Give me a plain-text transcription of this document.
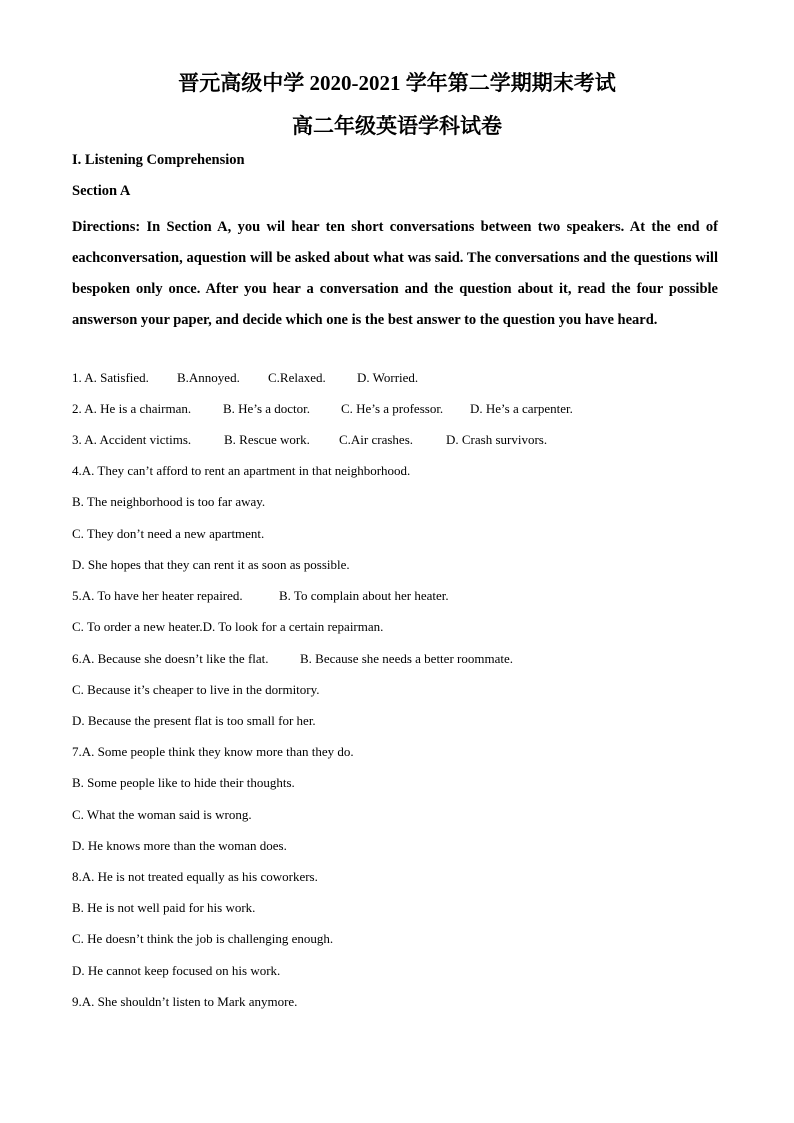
晋元高级中学 2020-2021 学年第二学期期末考试
高二年级英语学科试卷
I. Listening Comprehension
Section A
Directions: In Section A, you wil hear ten short conversations between two speakers. At the end of eachconversation, aquestion will be asked about what was said. The conversations and the questions will bespoken only once. After you hear a conversation and the question about it, read the four possible answerson your paper, and decide which one is the best answer to the question you have heard.
1. A. Satisfied. B.Annoyed. C.Relaxed. D. Worried.
2. A. He is a chairman. B. He’s a doctor. C. He’s a professor. D. He’s a carpenter.
3. A. Accident victims.	B. Rescue work. C.Air crashes.	D. Crash survivors.
4.A. They can’t afford to rent an apartment in that neighborhood.
B. The neighborhood is too far away.
C. They don’t need a new apartment.
D. She hopes that they can rent it as soon as possible.
5.A. To have her heater repaired.	B. To complain about her heater.
C. To order a new heater.D. To look for a certain repairman.
6.A. Because she doesn’t like the flat. B. Because she needs a better roommate.
C. Because it’s cheaper to live in the dormitory.
D. Because the present flat is too small for her.
7.A. Some people think they know more than they do.
B. Some people like to hide their thoughts.
C. What the woman said is wrong.
D. He knows more than the woman does.
8.A. He is not treated equally as his coworkers.
B. He is not well paid for his work.
C. He doesn’t think the job is challenging enough.
D. He cannot keep focused on his work.
9.A. She shouldn’t listen to Mark anymore.
